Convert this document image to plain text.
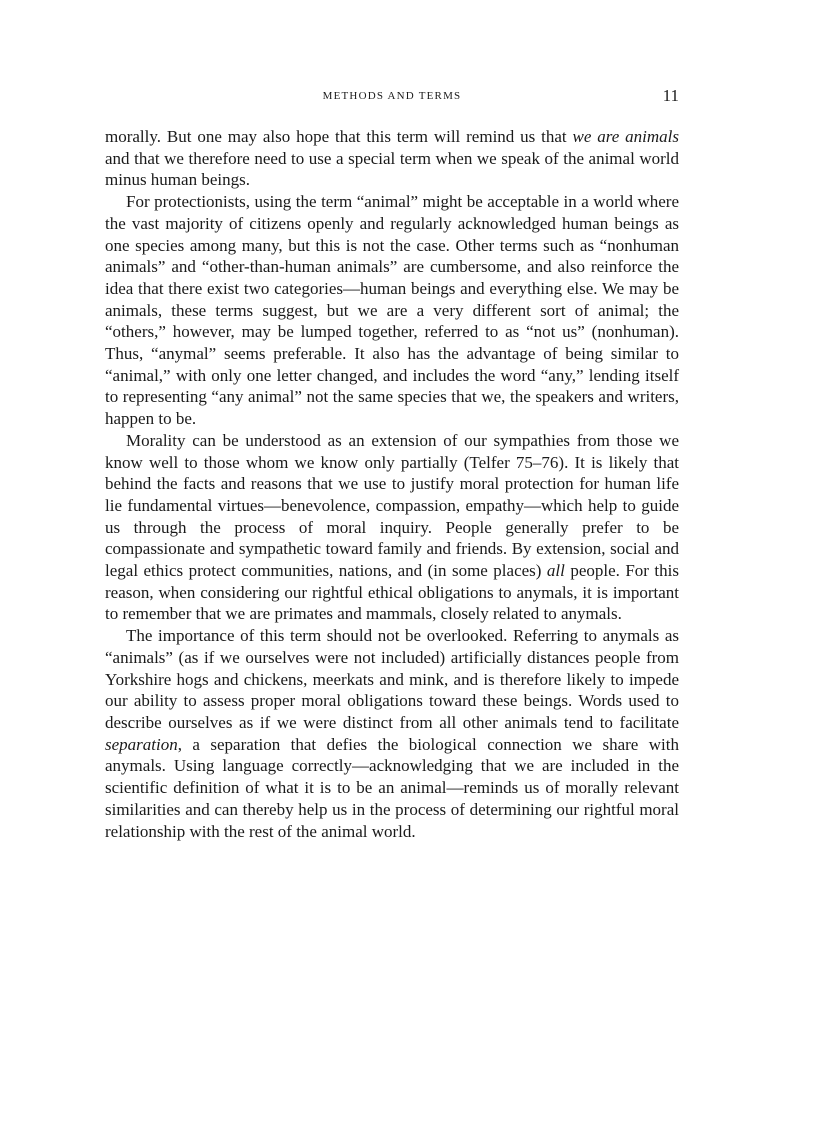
METHODS AND TERMS	11

morally. But one may also hope that this term will remind us that we are animals and that we therefore need to use a special term when we speak of the animal world minus human beings.

For protectionists, using the term “animal” might be acceptable in a world where the vast majority of citizens openly and regularly acknowledged human beings as one species among many, but this is not the case. Other terms such as “nonhuman animals” and “other-than-human animals” are cumbersome, and also reinforce the idea that there exist two categories—human beings and everything else. We may be animals, these terms suggest, but we are a very different sort of animal; the “others,” however, may be lumped together, referred to as “not us” (nonhuman). Thus, “anymal” seems preferable. It also has the advantage of being similar to “animal,” with only one letter changed, and includes the word “any,” lending itself to representing “any animal” not the same species that we, the speakers and writers, happen to be.

Morality can be understood as an extension of our sympathies from those we know well to those whom we know only partially (Telfer 75–76). It is likely that behind the facts and reasons that we use to justify moral protection for human life lie fundamental virtues—benevolence, compassion, empathy—which help to guide us through the process of moral inquiry. People generally prefer to be compassionate and sympathetic toward family and friends. By extension, social and legal ethics protect communities, nations, and (in some places) all people. For this reason, when considering our rightful ethical obligations to anymals, it is important to remember that we are primates and mammals, closely related to anymals.

The importance of this term should not be overlooked. Referring to anymals as “animals” (as if we ourselves were not included) artificially distances people from Yorkshire hogs and chickens, meerkats and mink, and is therefore likely to impede our ability to assess proper moral obligations toward these beings. Words used to describe ourselves as if we were distinct from all other animals tend to facilitate separation, a separation that defies the biological connection we share with anymals. Using language correctly—acknowledging that we are included in the scientific definition of what it is to be an animal—reminds us of morally relevant similarities and can thereby help us in the process of determining our rightful moral relationship with the rest of the animal world.
